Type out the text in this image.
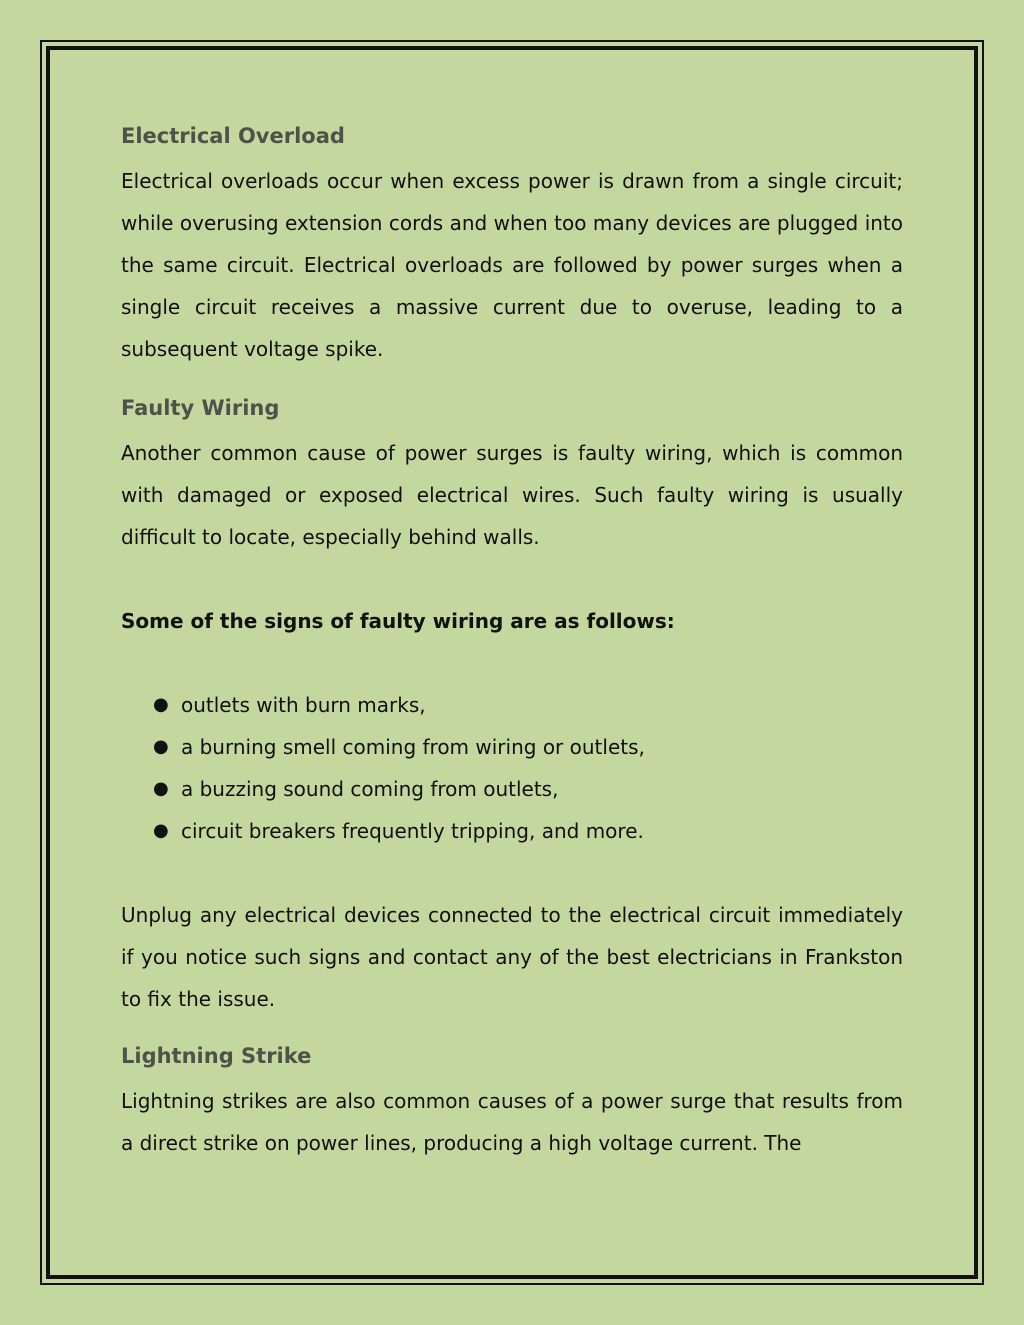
Electrical Overload

Electrical overloads occur when excess power is drawn from a single circuit; while overusing extension cords and when too many devices are plugged into the same circuit. Electrical overloads are followed by power surges when a single circuit receives a massive current due to overuse, leading to a subsequent voltage spike.

Faulty Wiring

Another common cause of power surges is faulty wiring, which is common with damaged or exposed electrical wires. Such faulty wiring is usually difficult to locate, especially behind walls.

Some of the signs of faulty wiring are as follows:

● outlets with burn marks,
● a burning smell coming from wiring or outlets,
● a buzzing sound coming from outlets,
● circuit breakers frequently tripping, and more.

Unplug any electrical devices connected to the electrical circuit immediately if you notice such signs and contact any of the best electricians in Frankston to fix the issue.

Lightning Strike

Lightning strikes are also common causes of a power surge that results from a direct strike on power lines, producing a high voltage current. The
